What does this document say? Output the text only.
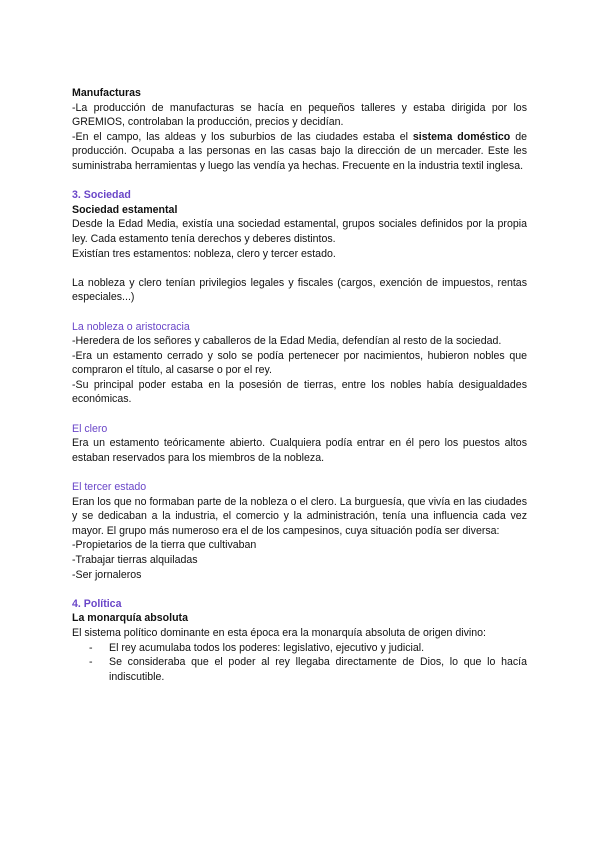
Manufacturas

-La producción de manufacturas se hacía en pequeños talleres y estaba dirigida por los GREMIOS, controlaban la producción, precios y decidían.

-En el campo, las aldeas y los suburbios de las ciudades estaba el sistema doméstico de producción. Ocupaba a las personas en las casas bajo la dirección de un mercader. Este les suministraba herramientas y luego las vendía ya hechas. Frecuente en la industria textil inglesa.

3. Sociedad

Sociedad estamental

Desde la Edad Media, existía una sociedad estamental, grupos sociales definidos por la propia ley. Cada estamento tenía derechos y deberes distintos.

Existían tres estamentos: nobleza, clero y tercer estado.

La nobleza y clero tenían privilegios legales y fiscales (cargos, exención de impuestos, rentas especiales...)

La nobleza o aristocracia

-Heredera de los señores y caballeros de la Edad Media, defendían al resto de la sociedad.

-Era un estamento cerrado y solo se podía pertenecer por nacimientos, hubieron nobles que compraron el título, al casarse o por el rey.

-Su principal poder estaba en la posesión de tierras, entre los nobles había desigualdades económicas.

El clero

Era un estamento teóricamente abierto. Cualquiera podía entrar en él pero los puestos altos estaban reservados para los miembros de la nobleza.

El tercer estado

Eran los que no formaban parte de la nobleza o el clero. La burguesía, que vivía en las ciudades y se dedicaban a la industria, el comercio y la administración, tenía una influencia cada vez mayor. El grupo más numeroso era el de los campesinos, cuya situación podía ser diversa:

-Propietarios de la tierra que cultivaban

-Trabajar tierras alquiladas

-Ser jornaleros

4. Política

La monarquía absoluta

El sistema político dominante en esta época era la monarquía absoluta de origen divino:

- El rey acumulaba todos los poderes: legislativo, ejecutivo y judicial.
- Se consideraba que el poder al rey llegaba directamente de Dios, lo que lo hacía indiscutible.
